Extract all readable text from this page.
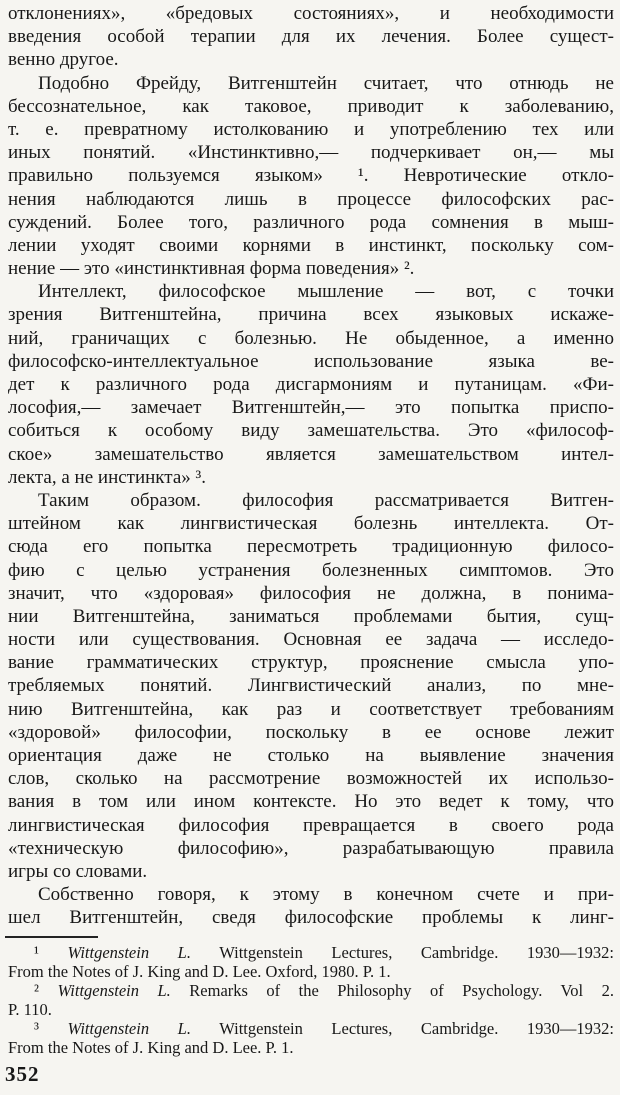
отклонениях», «бредовых состояниях», и необходимости
введения особой терапии для их лечения. Более сущест-
венно другое.
Подобно Фрейду, Витгенштейн считает, что отнюдь не
бессознательное, как таковое, приводит к заболеванию,
т. е. превратному истолкованию и употреблению тех или
иных понятий. «Инстинктивно,— подчеркивает он,— мы
правильно пользуемся языком» ¹. Невротические откло-
нения наблюдаются лишь в процессе философских рас-
суждений. Более того, различного рода сомнения в мыш-
лении уходят своими корнями в инстинкт, поскольку сом-
нение — это «инстинктивная форма поведения» ².
Интеллект, философское мышление — вот, с точки
зрения Витгенштейна, причина всех языковых искаже-
ний, граничащих с болезнью. Не обыденное, а именно
философско-интеллектуальное использование языка ве-
дет к различного рода дисгармониям и путаницам. «Фи-
лософия,— замечает Витгенштейн,— это попытка приспо-
собиться к особому виду замешательства. Это «философ-
ское» замешательство является замешательством интел-
лекта, а не инстинкта» ³.
Таким образом. философия рассматривается Витген-
штейном как лингвистическая болезнь интеллекта. От-
сюда его попытка пересмотреть традиционную филосо-
фию с целью устранения болезненных симптомов. Это
значит, что «здоровая» философия не должна, в понима-
нии Витгенштейна, заниматься проблемами бытия, сущ-
ности или существования. Основная ее задача — исследо-
вание грамматических структур, прояснение смысла упо-
требляемых понятий. Лингвистический анализ, по мне-
нию Витгенштейна, как раз и соответствует требованиям
«здоровой» философии, поскольку в ее основе лежит
ориентация даже не столько на выявление значения
слов, сколько на рассмотрение возможностей их использо-
вания в том или ином контексте. Но это ведет к тому, что
лингвистическая философия превращается в своего рода
«техническую философию», разрабатывающую правила
игры со словами.
Собственно говоря, к этому в конечном счете и при-
шел Витгенштейн, сведя философские проблемы к линг-
¹ Wittgenstein L. Wittgenstein Lectures, Cambridge. 1930—1932:
From the Notes of J. King and D. Lee. Oxford, 1980. P. 1.
² Wittgenstein L. Remarks of the Philosophy of Psychology. Vol 2.
P. 110.
³ Wittgenstein L. Wittgenstein Lectures, Cambridge. 1930—1932:
From the Notes of J. King and D. Lee. P. 1.
352
